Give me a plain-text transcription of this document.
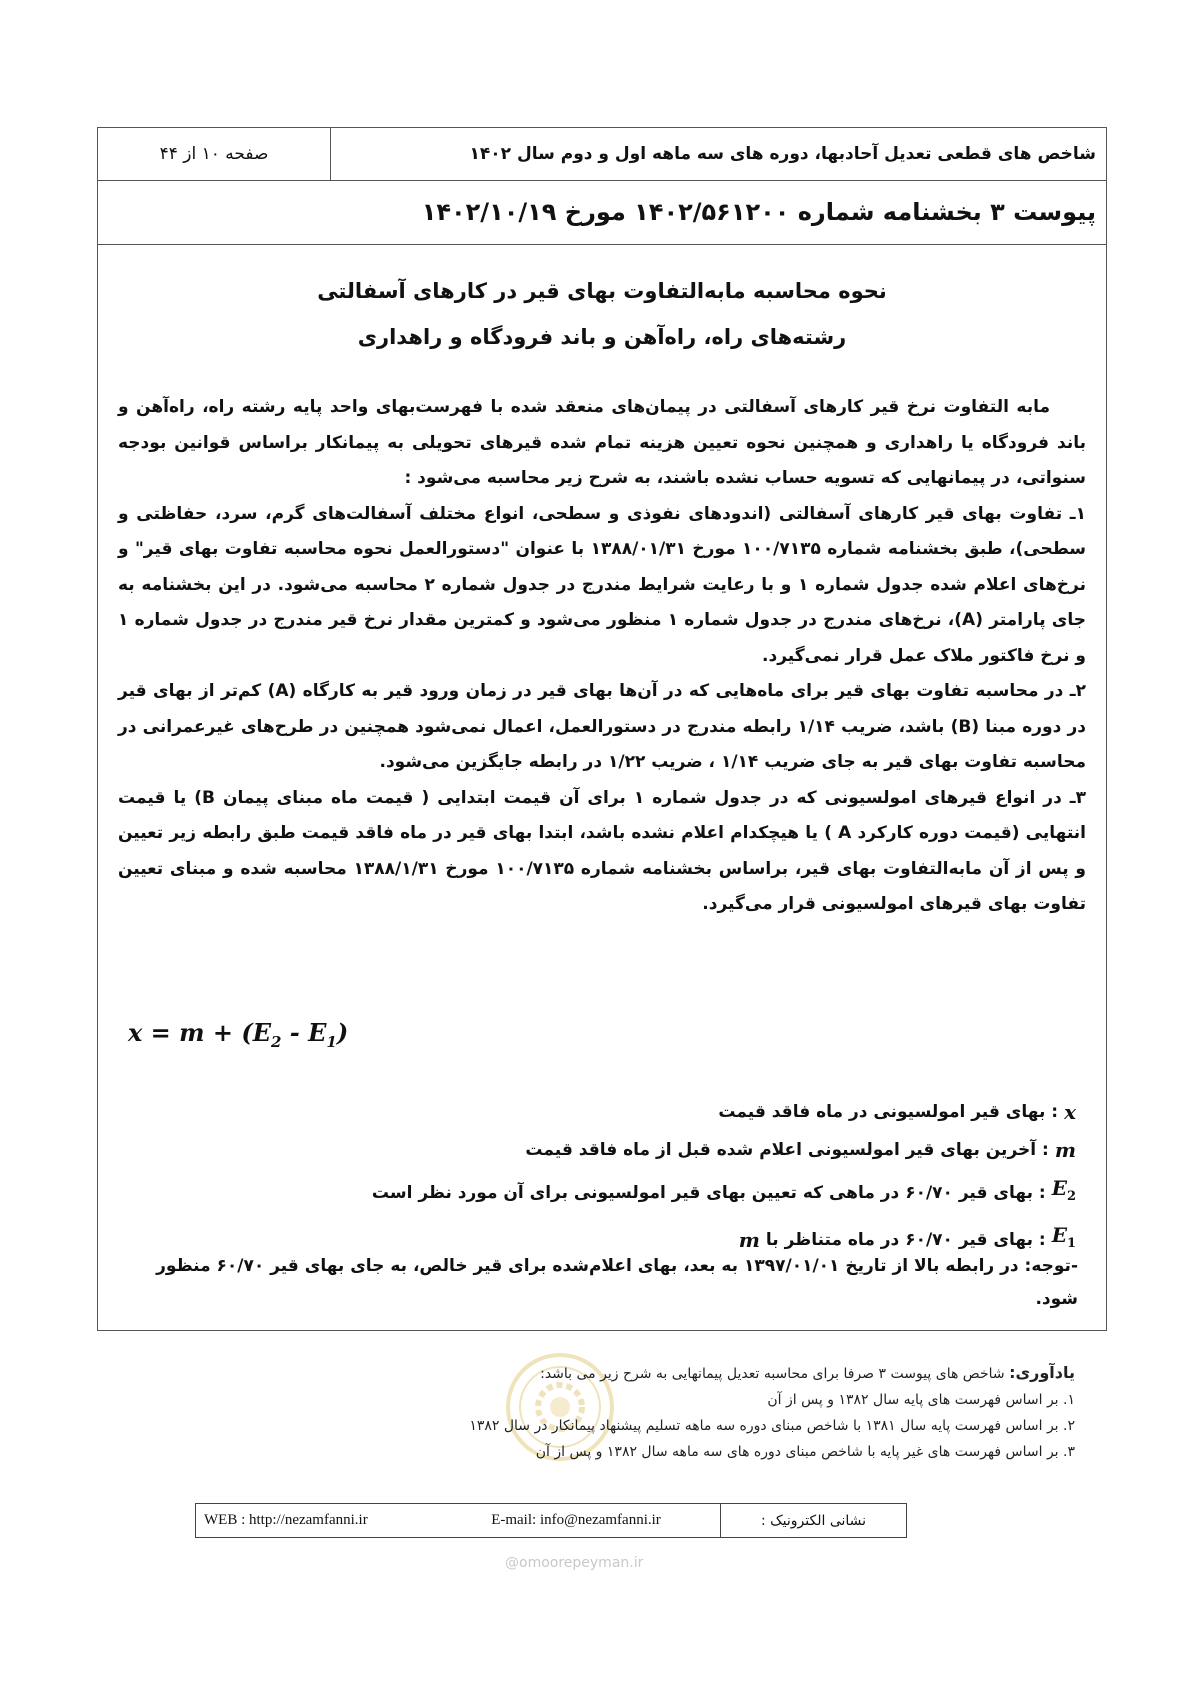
شاخص های قطعی تعدیل آحادبها، دوره های سه ماهه اول و دوم سال ۱۴۰۲
صفحه ۱۰ از ۴۴
پیوست ۳ بخشنامه شماره ۱۴۰۲/۵۶۱۲۰۰ مورخ ۱۴۰۲/۱۰/۱۹
نحوه محاسبه مابه‌التفاوت بهای قیر در کارهای آسفالتی
رشته‌های راه، راه‌آهن و باند فرودگاه و راهداری

مابه التفاوت نرخ قیر کارهای آسفالتی در پیمان‌های منعقد شده با فهرست‌بهای واحد پایه رشته راه، راه‌آهن و باند فرودگاه یا راهداری و همچنین نحوه تعیین هزینه تمام شده قیرهای تحویلی به پیمانکار براساس قوانین بودجه سنواتی، در پیمانهایی که تسویه حساب نشده باشند، به شرح زیر محاسبه می‌شود :

۱ـ تفاوت بهای قیر کارهای آسفالتی (اندودهای نفوذی و سطحی، انواع مختلف آسفالت‌های گرم، سرد، حفاظتی و سطحی)، طبق بخشنامه شماره ۱۰۰/۷۱۳۵ مورخ ۱۳۸۸/۰۱/۳۱ با عنوان "دستورالعمل نحوه محاسبه تفاوت بهای قیر" و نرخ‌های اعلام شده جدول شماره ۱ و با رعایت شرایط مندرج در جدول شماره ۲ محاسبه می‌شود. در این بخشنامه به جای پارامتر (A)، نرخ‌های مندرج در جدول شماره ۱ منظور می‌شود و کمترین مقدار نرخ قیر مندرج در جدول شماره ۱ و نرخ فاکتور ملاک عمل قرار نمی‌گیرد.

۲ـ در محاسبه تفاوت بهای قیر برای ماه‌هایی که در آن‌ها بهای قیر در زمان ورود قیر به کارگاه (A) کم‌تر از بهای قیر در دوره مبنا (B) باشد، ضریب ۱/۱۴ رابطه مندرج در دستورالعمل، اعمال نمی‌شود همچنین در طرح‌های غیرعمرانی در محاسبه تفاوت بهای قیر به جای ضریب ۱/۱۴ ، ضریب ۱/۲۲ در رابطه جایگزین می‌شود.

۳ـ در انواع قیرهای امولسیونی که در جدول شماره ۱ برای آن قیمت ابتدایی ( قیمت ماه مبنای پیمان B) یا قیمت انتهایی (قیمت دوره کارکرد A ) یا هیچکدام اعلام نشده باشد، ابتدا بهای قیر در ماه فاقد قیمت طبق رابطه زیر تعیین و پس از آن مابه‌التفاوت بهای قیر، براساس بخشنامه شماره ۱۰۰/۷۱۳۵ مورخ ۱۳۸۸/۱/۳۱ محاسبه شده و مبنای تعیین تفاوت بهای قیرهای امولسیونی قرار می‌گیرد.

$x = m + (E_2 - E_1)$
x
: بهای قیر امولسیونی در ماه فاقد قیمت
m
: آخرین بهای قیر امولسیونی اعلام شده قبل از ماه فاقد قیمت
$E_2$
: بهای قیر ۶۰/۷۰ در ماهی که تعیین بهای قیر امولسیونی برای آن مورد نظر است
$E_1$
: بهای قیر ۶۰/۷۰ در ماه متناظر با
m
-توجه: در رابطه بالا از تاریخ ۱۳۹۷/۰۱/۰۱ به بعد، بهای اعلام‌شده برای قیر خالص، به جای بهای قیر ۶۰/۷۰ منظور شود.
یادآوری: شاخص های پیوست ۳ صرفا برای محاسبه تعدیل پیمانهایی به شرح زیر می باشد:
۱. بر اساس فهرست های پایه سال ۱۳۸۲ و پس از آن
۲. بر اساس فهرست پایه سال ۱۳۸۱ با شاخص مبنای دوره سه ماهه تسلیم پیشنهاد پیمانکار در سال ۱۳۸۲
۳. بر اساس فهرست های غیر پایه با شاخص مبنای دوره های سه ماهه سال ۱۳۸۲ و پس از آن
WEB : http://nezamfanni.ir	E-mail: info@nezamfanni.ir	نشانی الکترونیک :
@omoorepeyman.ir
